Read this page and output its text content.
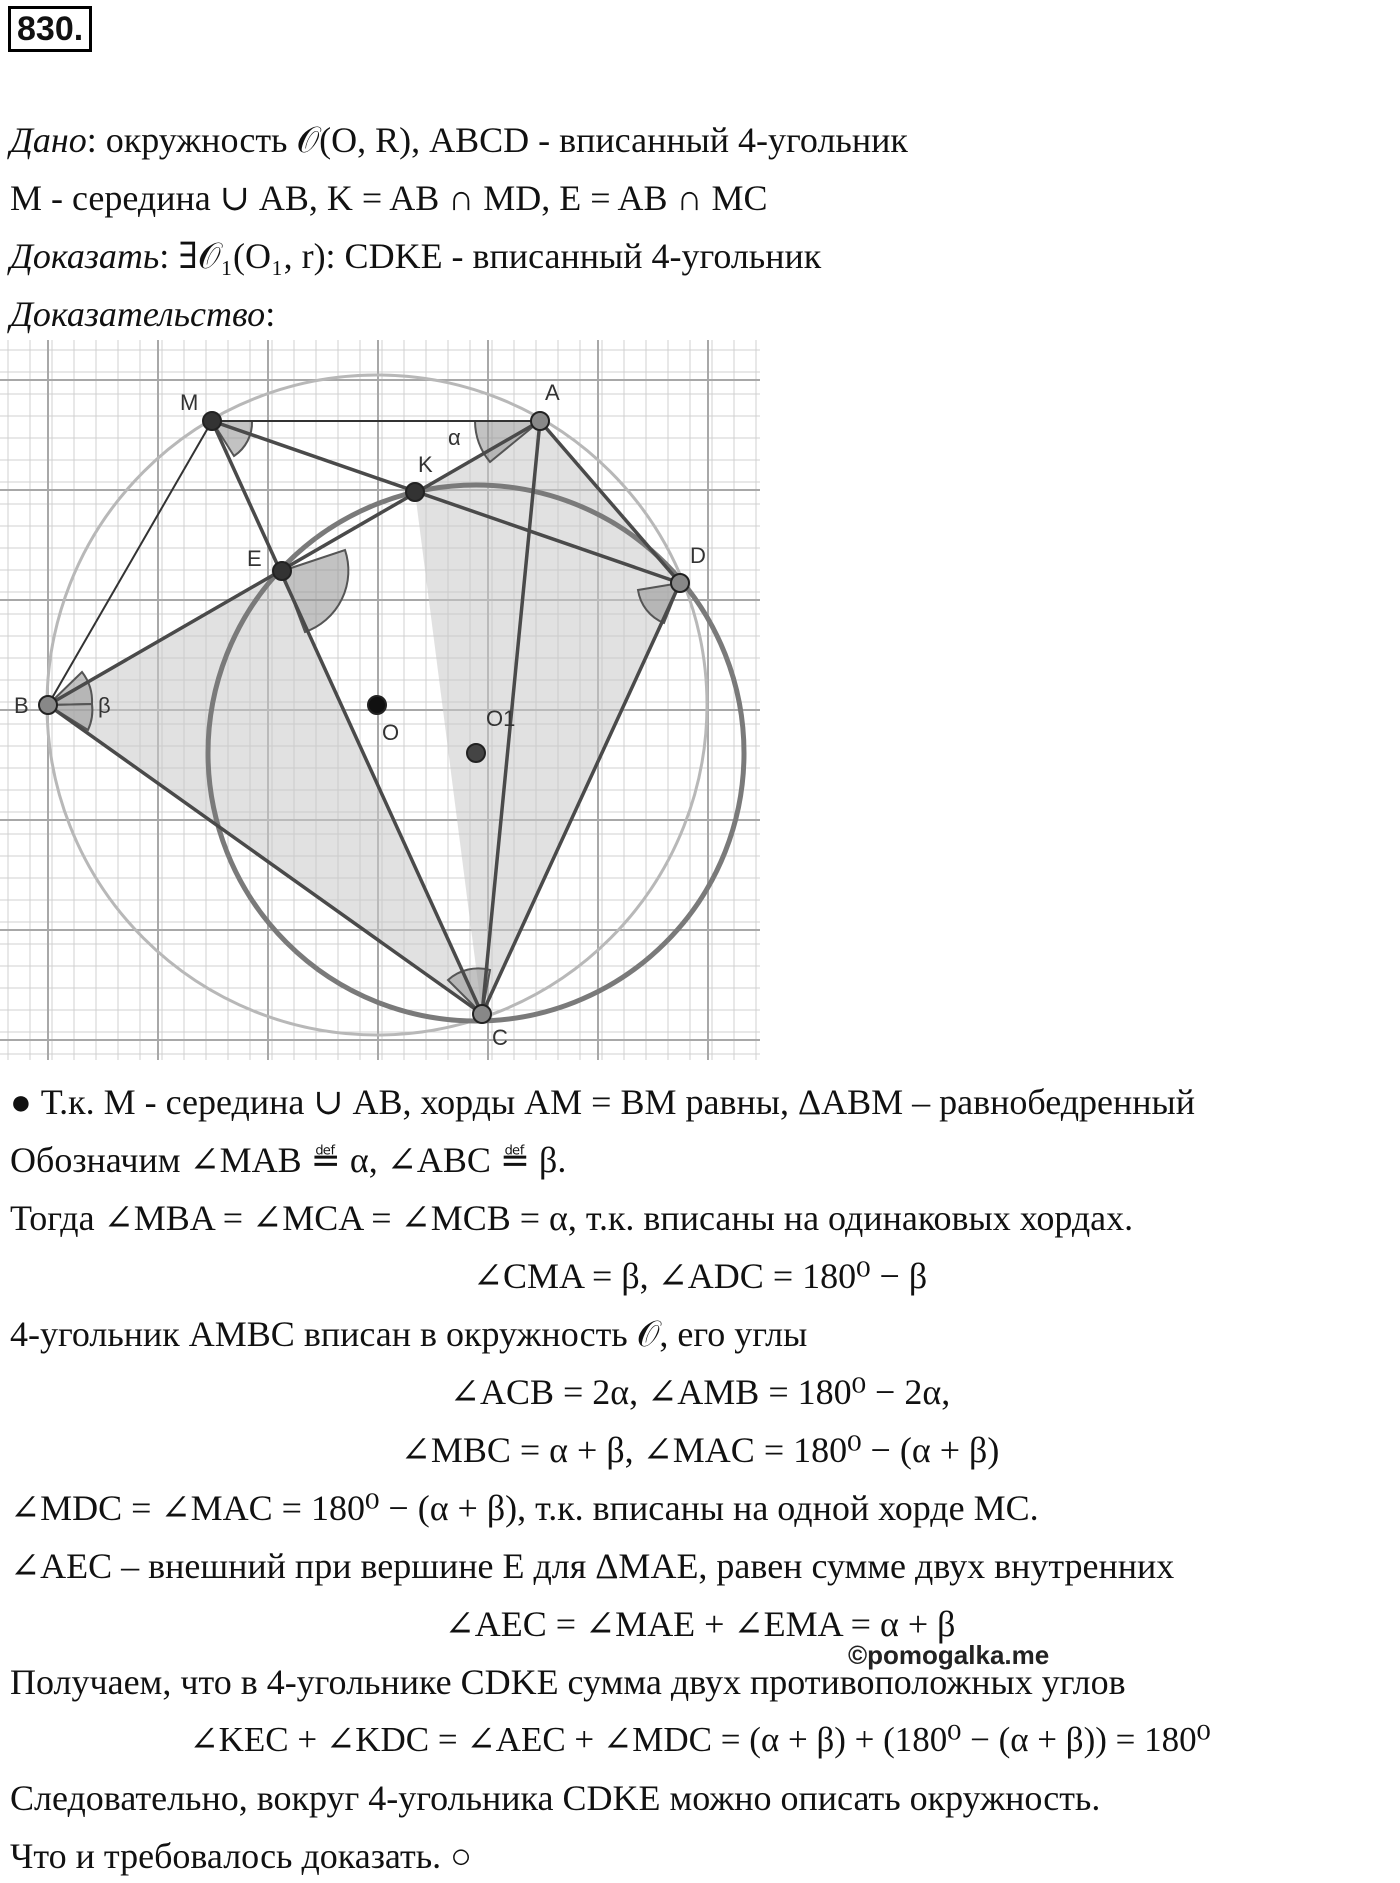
830.
Дано: окружность 𝒪(O, R), ABCD - вписанный 4-угольник
M - середина ∪ AB, K = AB ∩ MD, E = AB ∩ MC
Доказать: ∃𝒪₁(O₁, r): CDKE - вписанный 4-угольник
Доказательство:
M	A
K
E	D
B
O
O1
C
α
β
● Т.к. M - середина ∪ AB, хорды AM = BM равны, ΔABM – равнобедренный
Обозначим ∠MAB ≝ α, ∠ABC ≝ β.
Тогда ∠MBA = ∠MCA = ∠MCB = α, т.к. вписаны на одинаковых хордах.
∠CMA = β, ∠ADC = 180⁰ − β
4-угольник AMBC вписан в окружность 𝒪, его углы
∠ACB = 2α, ∠AMB = 180⁰ − 2α,
∠MBC = α + β, ∠MAC = 180⁰ − (α + β)
∠MDC = ∠MAC = 180⁰ − (α + β), т.к. вписаны на одной хорде MC.
∠AEC – внешний при вершине E для ΔMAE, равен сумме двух внутренних
∠AEC = ∠MAE + ∠EMA = α + β
©pomogalka.me
Получаем, что в 4-угольнике CDKE сумма двух противоположных углов
∠KEC + ∠KDC = ∠AEC + ∠MDC = (α + β) + (180⁰ − (α + β)) = 180⁰
Следовательно, вокруг 4-угольника CDKE можно описать окружность.
Что и требовалось доказать. ○
